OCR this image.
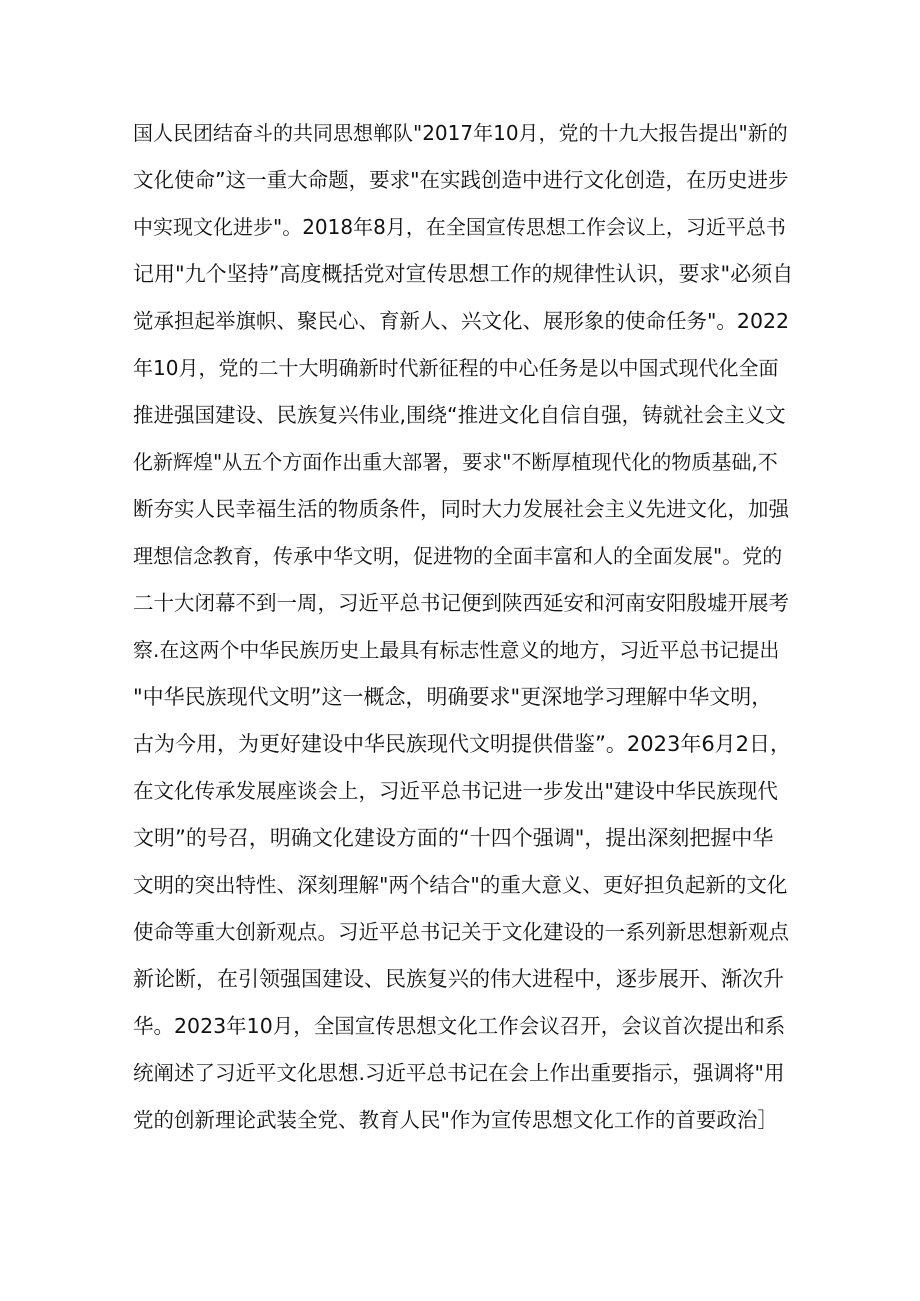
国人民团结奋斗的共同思想郸队"2017年10月，党的十九大报告提出"新的
文化使命”这一重大命题，要求"在实践创造中进行文化创造，在历史进步
中实现文化进步"。2018年8月，在全国宣传思想工作会议上，习近平总书
记用"九个坚持”高度概括党对宣传思想工作的规律性认识，要求"必须自
觉承担起举旗帜、聚民心、育新人、兴文化、展形象的使命任务"。2022
年10月，党的二十大明确新时代新征程的中心任务是以中国式现代化全面
推进强国建设、民族复兴伟业,围绕“推进文化自信自强，铸就社会主义文
化新辉煌"从五个方面作出重大部署，要求"不断厚植现代化的物质基础,不
断夯实人民幸福生活的物质条件，同时大力发展社会主义先进文化，加强
理想信念教育，传承中华文明，促进物的全面丰富和人的全面发展"。党的
二十大闭幕不到一周，习近平总书记便到陕西延安和河南安阳殷墟开展考
察.在这两个中华民族历史上最具有标志性意义的地方，习近平总书记提出
"中华民族现代文明”这一概念，明确要求"更深地学习理解中华文明，
古为今用，为更好建设中华民族现代文明提供借鉴”。2023年6月2日，
在文化传承发展座谈会上，习近平总书记进一步发出"建设中华民族现代
文明”的号召，明确文化建设方面的“十四个强调"，提出深刻把握中华
文明的突出特性、深刻理解"两个结合"的重大意义、更好担负起新的文化
使命等重大创新观点。习近平总书记关于文化建设的一系列新思想新观点
新论断，在引领强国建设、民族复兴的伟大进程中，逐步展开、渐次升
华。2023年10月，全国宣传思想文化工作会议召开，会议首次提出和系
统阐述了习近平文化思想.习近平总书记在会上作出重要指示，强调将"用
党的创新理论武装全党、教育人民"作为宣传思想文化工作的首要政治］
